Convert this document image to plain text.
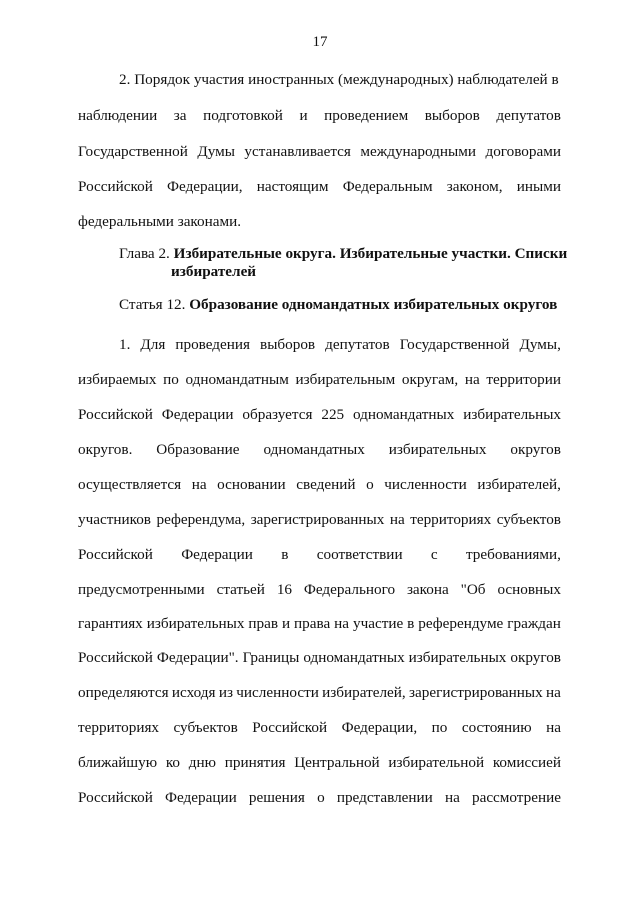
17
2. Порядок участия иностранных (международных) наблюдателей в
наблюдении за подготовкой и проведением выборов депутатов
Государственной Думы устанавливается международными договорами
Российской Федерации, настоящим Федеральным законом, иными
федеральными законами.
Глава 2. Избирательные округа. Избирательные участки. Списки
избирателей
Статья 12. Образование одномандатных избирательных округов
1. Для проведения выборов депутатов Государственной Думы,
избираемых по одномандатным избирательным округам, на территории
Российской Федерации образуется 225 одномандатных избирательных
округов. Образование одномандатных избирательных округов
осуществляется на основании сведений о численности избирателей,
участников референдума, зарегистрированных на территориях субъектов
Российской Федерации в соответствии с требованиями,
предусмотренными статьей 16 Федерального закона "Об основных
гарантиях избирательных прав и права на участие в референдуме граждан
Российской Федерации". Границы одномандатных избирательных округов
определяются исходя из численности избирателей, зарегистрированных на
территориях субъектов Российской Федерации, по состоянию на
ближайшую ко дню принятия Центральной избирательной комиссией
Российской Федерации решения о представлении на рассмотрение
